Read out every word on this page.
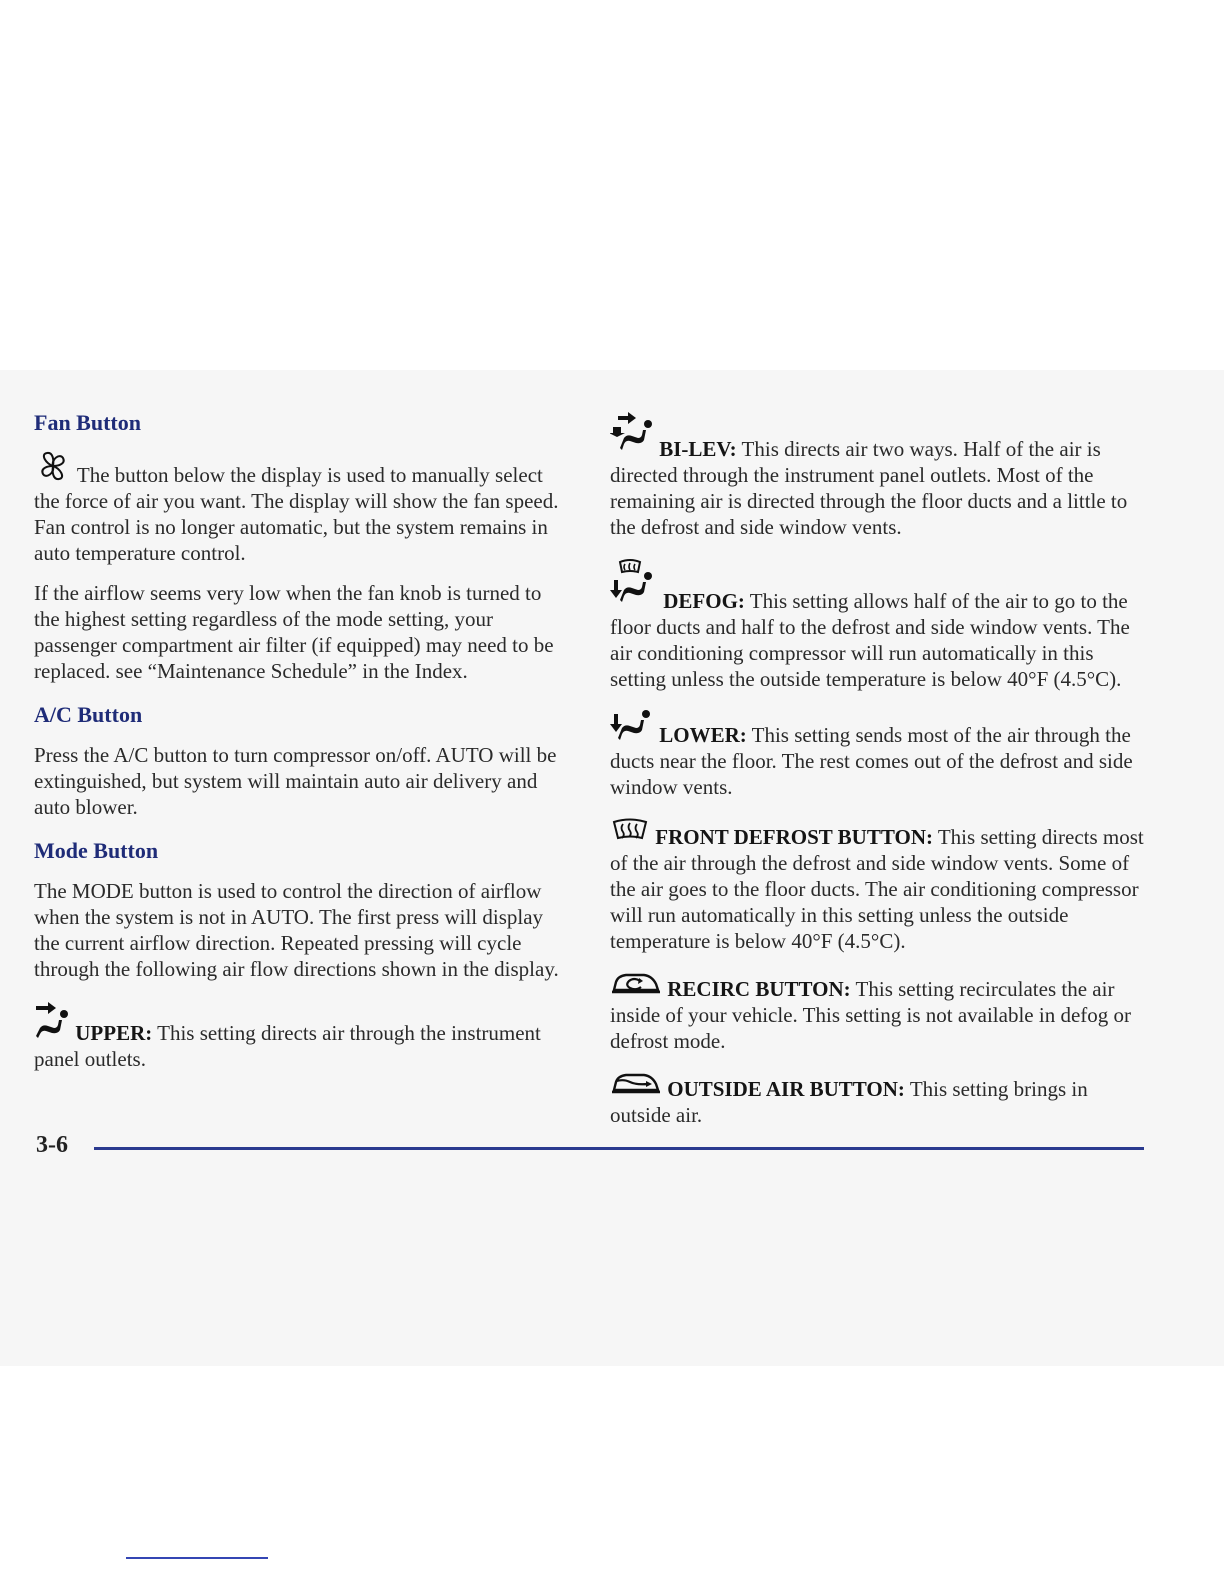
Fan Button

The button below the display is used to manually select the force of air you want. The display will show the fan speed. Fan control is no longer automatic, but the system remains in auto temperature control.

If the airflow seems very low when the fan knob is turned to the highest setting regardless of the mode setting, your passenger compartment air filter (if equipped) may need to be replaced. see “Maintenance Schedule” in the Index.

A/C Button

Press the A/C button to turn compressor on/off. AUTO will be extinguished, but system will maintain auto air delivery and auto blower.

Mode Button

The MODE button is used to control the direction of airflow when the system is not in AUTO. The first press will display the current airflow direction. Repeated pressing will cycle through the following air flow directions shown in the display.

UPPER: This setting directs air through the instrument panel outlets.

BI-LEV: This directs air two ways. Half of the air is directed through the instrument panel outlets. Most of the remaining air is directed through the floor ducts and a little to the defrost and side window vents.

DEFOG: This setting allows half of the air to go to the floor ducts and half to the defrost and side window vents. The air conditioning compressor will run automatically in this setting unless the outside temperature is below 40°F (4.5°C).

LOWER: This setting sends most of the air through the ducts near the floor. The rest comes out of the defrost and side window vents.

FRONT DEFROST BUTTON: This setting directs most of the air through the defrost and side window vents. Some of the air goes to the floor ducts. The air conditioning compressor will run automatically in this setting unless the outside temperature is below 40°F (4.5°C).

RECIRC BUTTON: This setting recirculates the air inside of your vehicle. This setting is not available in defog or defrost mode.

OUTSIDE AIR BUTTON: This setting brings in outside air.

3-6
